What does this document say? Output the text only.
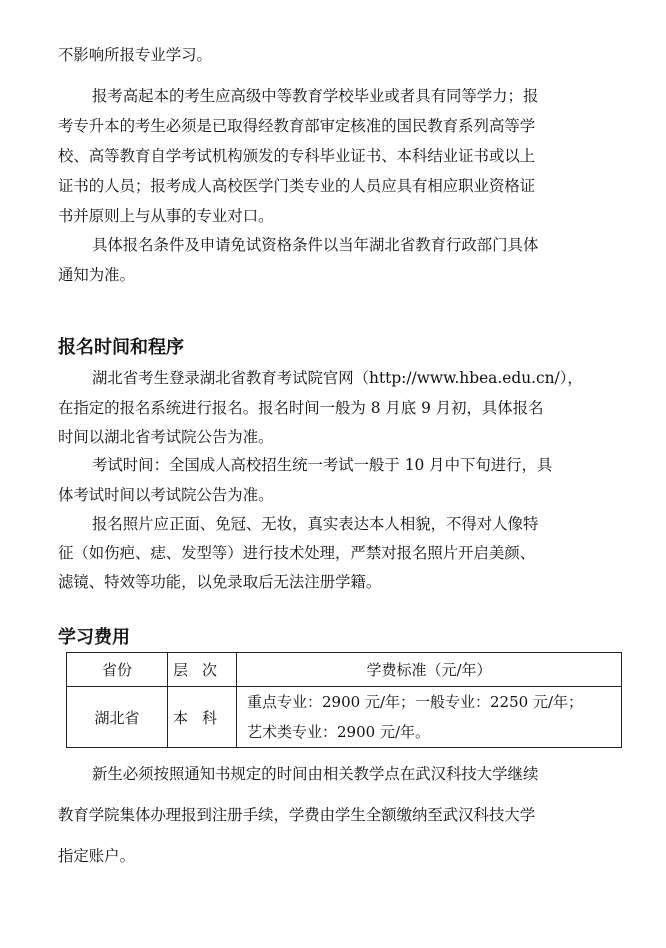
不影响所报专业学习。
报考高起本的考生应高级中等教育学校毕业或者具有同等学力；报
考专升本的考生必须是已取得经教育部审定核准的国民教育系列高等学
校、高等教育自学考试机构颁发的专科毕业证书、本科结业证书或以上
证书的人员；报考成人高校医学门类专业的人员应具有相应职业资格证
书并原则上与从事的专业对口。
具体报名条件及申请免试资格条件以当年湖北省教育行政部门具体
通知为准。
报名时间和程序
湖北省考生登录湖北省教育考试院官网（http://www.hbea.edu.cn/），
在指定的报名系统进行报名。报名时间一般为 8 月底 9 月初，具体报名
时间以湖北省考试院公告为准。
考试时间：全国成人高校招生统一考试一般于 10 月中下旬进行，具
体考试时间以考试院公告为准。
报名照片应正面、免冠、无妆，真实表达本人相貌，不得对人像特
征（如伤疤、痣、发型等）进行技术处理，严禁对报名照片开启美颜、
滤镜、特效等功能，以免录取后无法注册学籍。
学习费用
省份	层次	学费标准（元/年）
湖北省	本科	重点专业：2900 元/年；一般专业：2250 元/年；
艺术类专业：2900 元/年。
新生必须按照通知书规定的时间由相关教学点在武汉科技大学继续
教育学院集体办理报到注册手续，学费由学生全额缴纳至武汉科技大学
指定账户。
